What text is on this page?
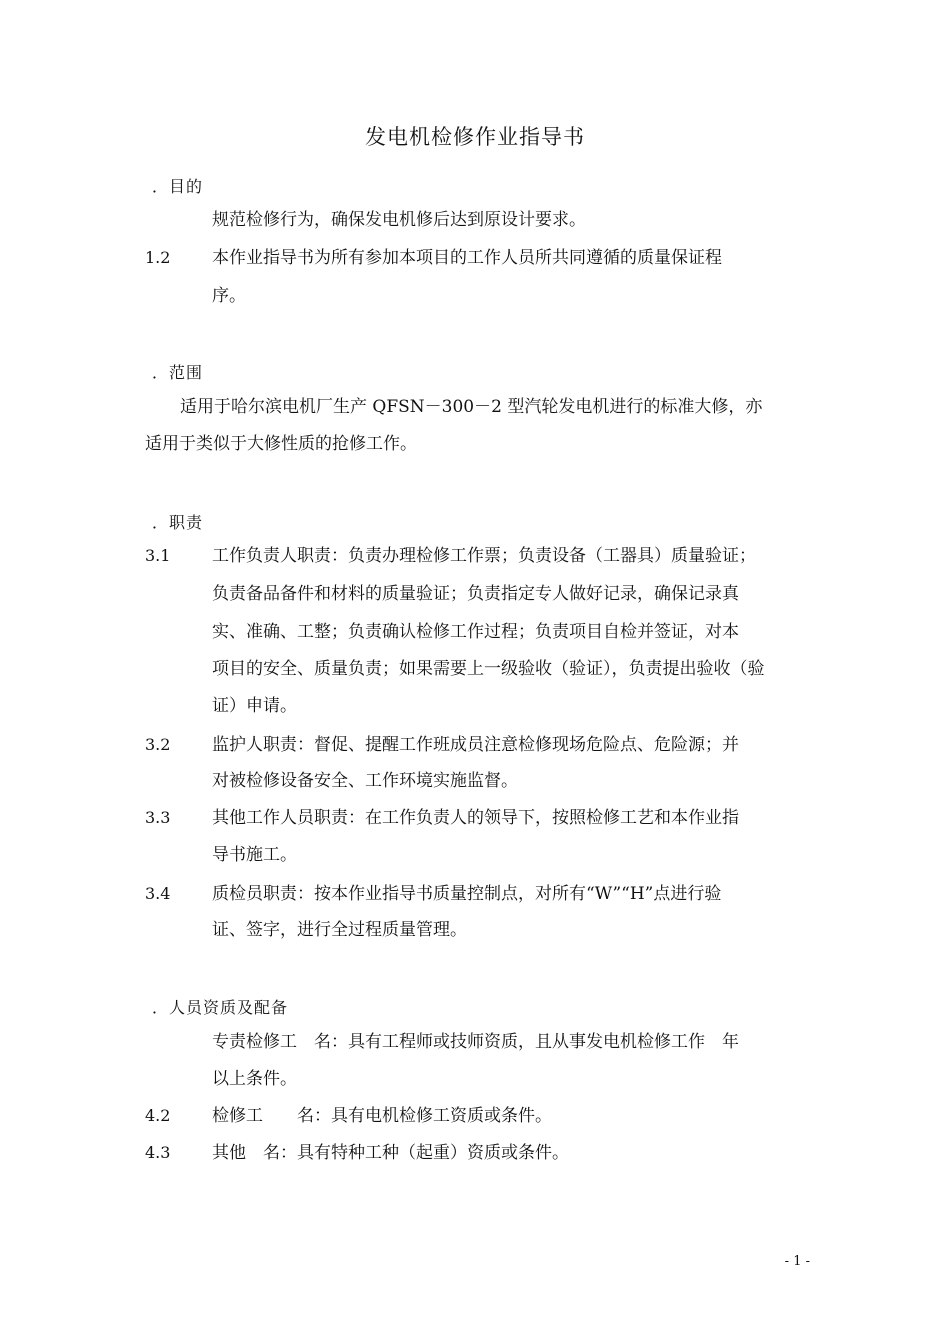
发电机检修作业指导书
．目的
规范检修行为，确保发电机修后达到原设计要求。
1.2 本作业指导书为所有参加本项目的工作人员所共同遵循的质量保证程
序。
．范围
适用于哈尔滨电机厂生产 QFSN－300－2 型汽轮发电机进行的标准大修，亦
适用于类似于大修性质的抢修工作。
．职责
3.1 工作负责人职责：负责办理检修工作票；负责设备（工器具）质量验证；
负责备品备件和材料的质量验证；负责指定专人做好记录，确保记录真
实、准确、工整；负责确认检修工作过程；负责项目自检并签证，对本
项目的安全、质量负责；如果需要上一级验收（验证），负责提出验收（验
证）申请。
3.2 监护人职责：督促、提醒工作班成员注意检修现场危险点、危险源；并
对被检修设备安全、工作环境实施监督。
3.3 其他工作人员职责：在工作负责人的领导下，按照检修工艺和本作业指
导书施工。
3.4 质检员职责：按本作业指导书质量控制点，对所有“W”“H”点进行验
证、签字，进行全过程质量管理。
．人员资质及配备
专责检修工　名：具有工程师或技师资质，且从事发电机检修工作　年
以上条件。
4.2 检修工　　名：具有电机检修工资质或条件。
4.3 其他　名：具有特种工种（起重）资质或条件。
- 1 -
